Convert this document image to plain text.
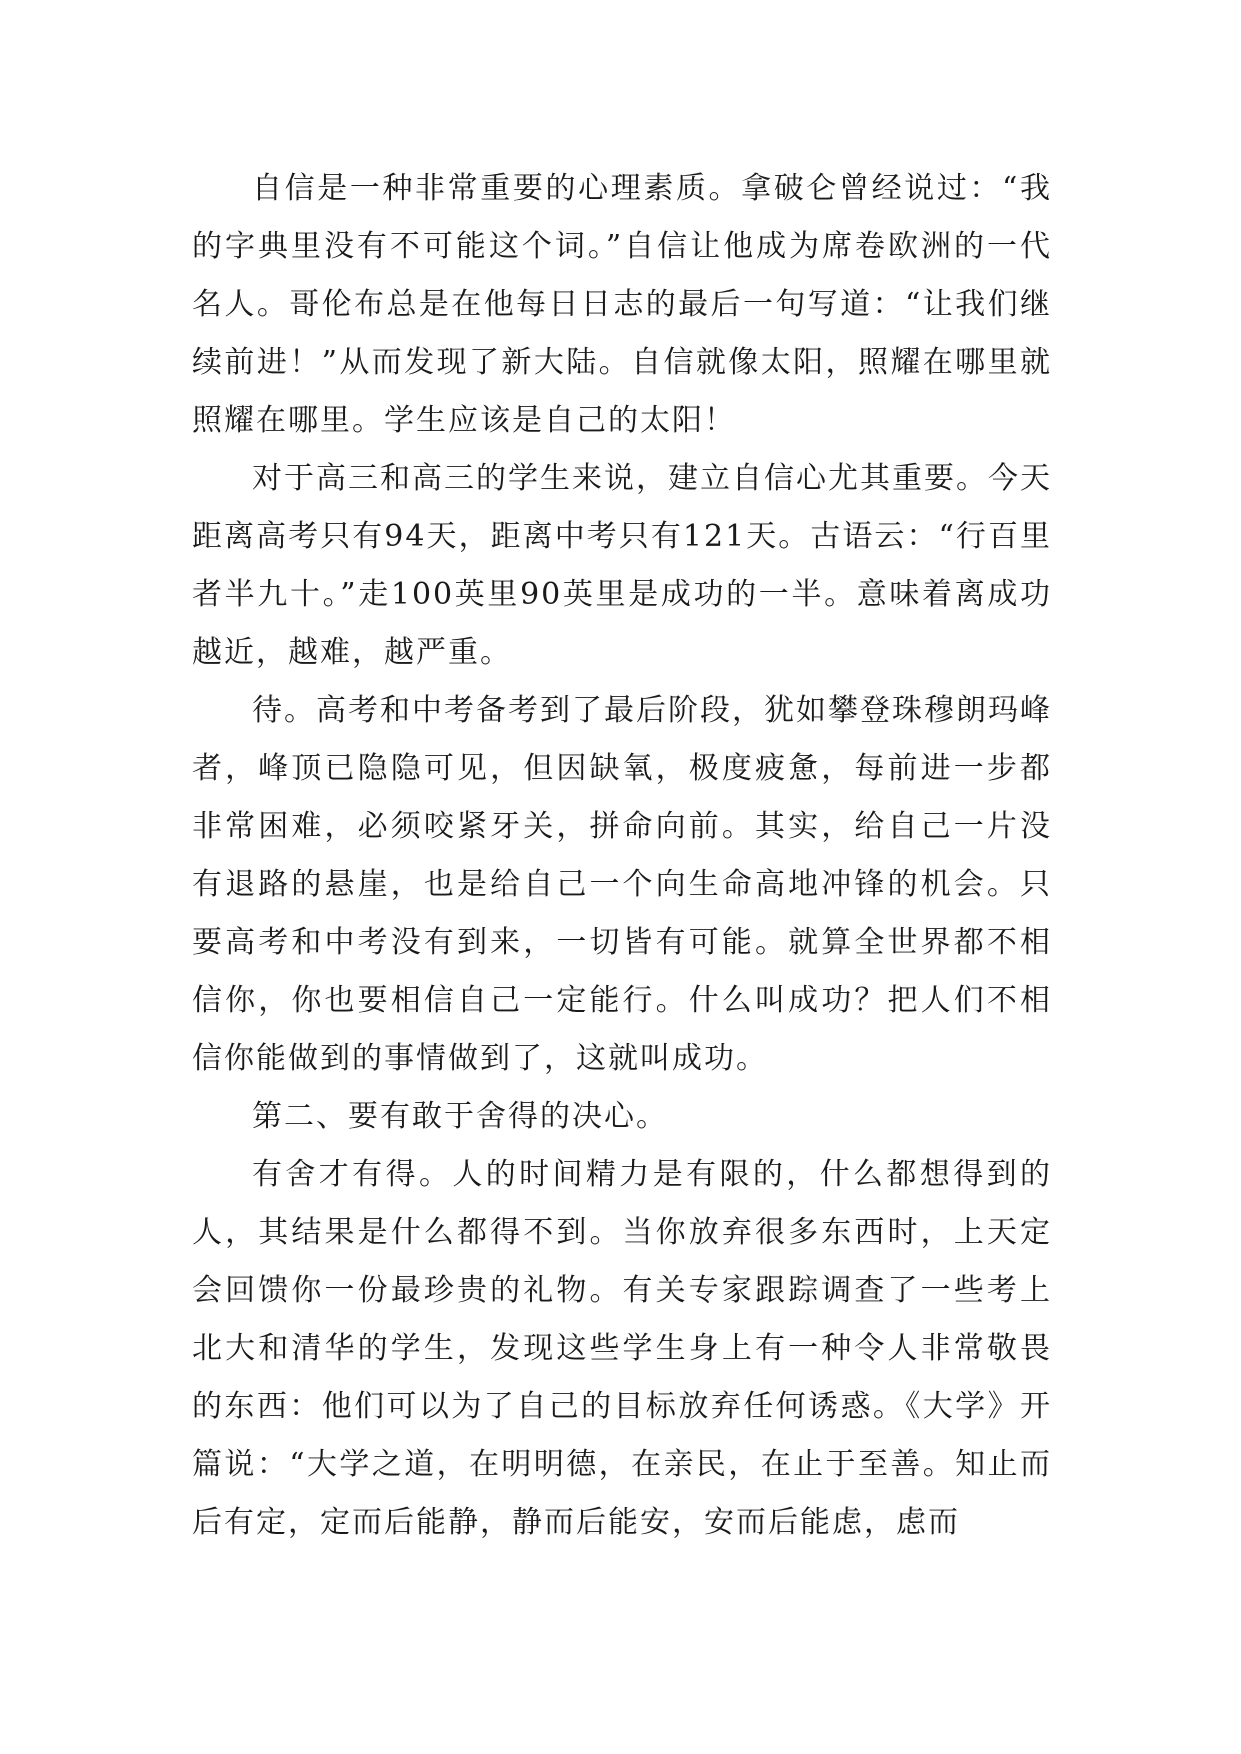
自信是一种非常重要的心理素质。拿破仑曾经说过：“我的字典里没有不可能这个词。”自信让他成为席卷欧洲的一代名人。哥伦布总是在他每日日志的最后一句写道：“让我们继续前进！”从而发现了新大陆。自信就像太阳，照耀在哪里就照耀在哪里。学生应该是自己的太阳！

对于高三和高三的学生来说，建立自信心尤其重要。今天距离高考只有94天，距离中考只有121天。古语云：“行百里者半九十。”走100英里90英里是成功的一半。意味着离成功越近，越难，越严重。

待。高考和中考备考到了最后阶段，犹如攀登珠穆朗玛峰者，峰顶已隐隐可见，但因缺氧，极度疲惫，每前进一步都非常困难，必须咬紧牙关，拼命向前。其实，给自己一片没有退路的悬崖，也是给自己一个向生命高地冲锋的机会。只要高考和中考没有到来，一切皆有可能。就算全世界都不相信你，你也要相信自己一定能行。什么叫成功？把人们不相信你能做到的事情做到了，这就叫成功。

第二、要有敢于舍得的决心。

有舍才有得。人的时间精力是有限的，什么都想得到的人，其结果是什么都得不到。当你放弃很多东西时，上天定会回馈你一份最珍贵的礼物。有关专家跟踪调查了一些考上北大和清华的学生，发现这些学生身上有一种令人非常敬畏的东西：他们可以为了自己的目标放弃任何诱惑。《大学》开篇说：“大学之道，在明明德，在亲民，在止于至善。知止而后有定，定而后能静，静而后能安，安而后能虑，虑而
